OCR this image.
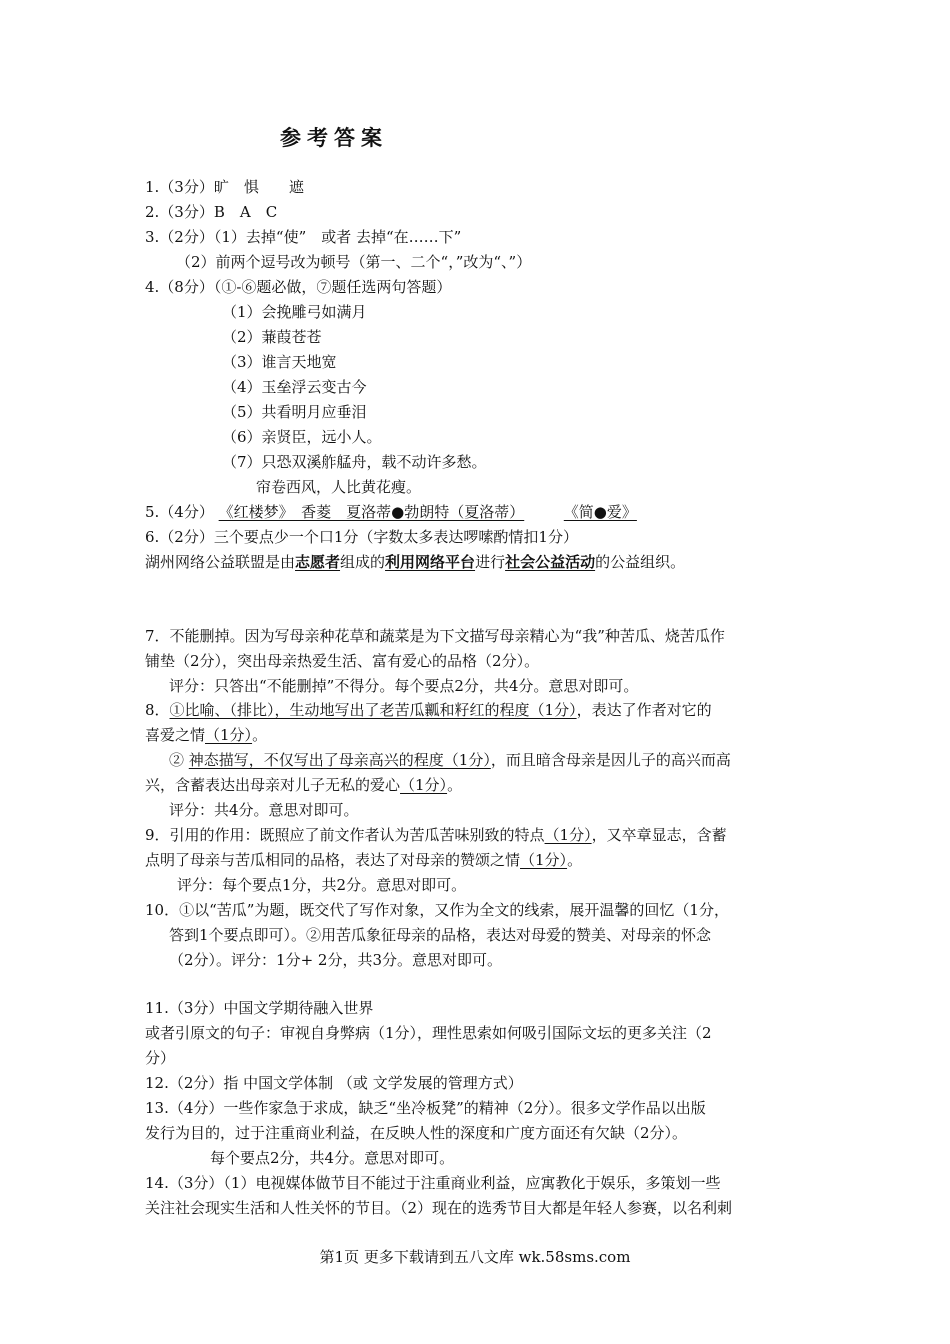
参考答案
1.（3分）旷　惧　　遮
2.（3分）B　A　C
3.（2分）（1）去掉“使”　或者 去掉“在……下”
（2）前两个逗号改为顿号（第一、二个“，”改为“、”）
4.（8分）（①-⑥题必做，⑦题任选两句答题）
（1）会挽雕弓如满月
（2）蒹葭苍苍
（3）谁言天地宽
（4）玉垒浮云变古今
（5）共看明月应垂泪
（6）亲贤臣，远小人。
（7）只恐双溪舴艋舟，载不动许多愁。
帘卷西风，人比黄花瘦。
5.（4分） 《红楼梦》　香菱　夏洛蒂●勃朗特（夏洛蒂）	《简●爱》
6.（2分）三个要点少一个口1分（字数太多表达啰嗦酌情扣1分）
湖州网络公益联盟是由志愿者组成的利用网络平台进行社会公益活动的公益组织。
7．不能删掉。因为写母亲种花草和蔬菜是为下文描写母亲精心为“我”种苦瓜、烧苦瓜作
铺垫（2分），突出母亲热爱生活、富有爱心的品格（2分）。
评分：只答出“不能删掉”不得分。每个要点2分，共4分。意思对即可。
8．①比喻、（排比），生动地写出了老苦瓜瓤和籽红的程度（1分），表达了作者对它的
喜爱之情（1分）。
② 神态描写，不仅写出了母亲高兴的程度（1分），而且暗含母亲是因儿子的高兴而高
兴，含蓄表达出母亲对儿子无私的爱心（1分）。
评分：共4分。意思对即可。
9．引用的作用：既照应了前文作者认为苦瓜苦味别致的特点（1分），又卒章显志，含蓄
点明了母亲与苦瓜相同的品格，表达了对母亲的赞颂之情（1分）。
评分：每个要点1分，共2分。意思对即可。
10．①以“苦瓜”为题，既交代了写作对象，又作为全文的线索，展开温馨的回忆（1分，
答到1个要点即可）。②用苦瓜象征母亲的品格，表达对母爱的赞美、对母亲的怀念
（2分）。评分：1分+ 2分，共3分。意思对即可。
11.（3分）中国文学期待融入世界
或者引原文的句子：审视自身弊病（1分），理性思索如何吸引国际文坛的更多关注（2
分）
12.（2分）指 中国文学体制 （或 文学发展的管理方式）
13.（4分）一些作家急于求成，缺乏“坐冷板凳”的精神（2分）。很多文学作品以出版
发行为目的，过于注重商业利益，在反映人性的深度和广度方面还有欠缺（2分）。
每个要点2分，共4分。意思对即可。
14.（3分）（1）电视媒体做节目不能过于注重商业利益，应寓教化于娱乐，多策划一些
关注社会现实生活和人性关怀的节目。（2）现在的选秀节目大都是年轻人参赛，以名利刺
第1页 更多下载请到五八文库 wk.58sms.com
